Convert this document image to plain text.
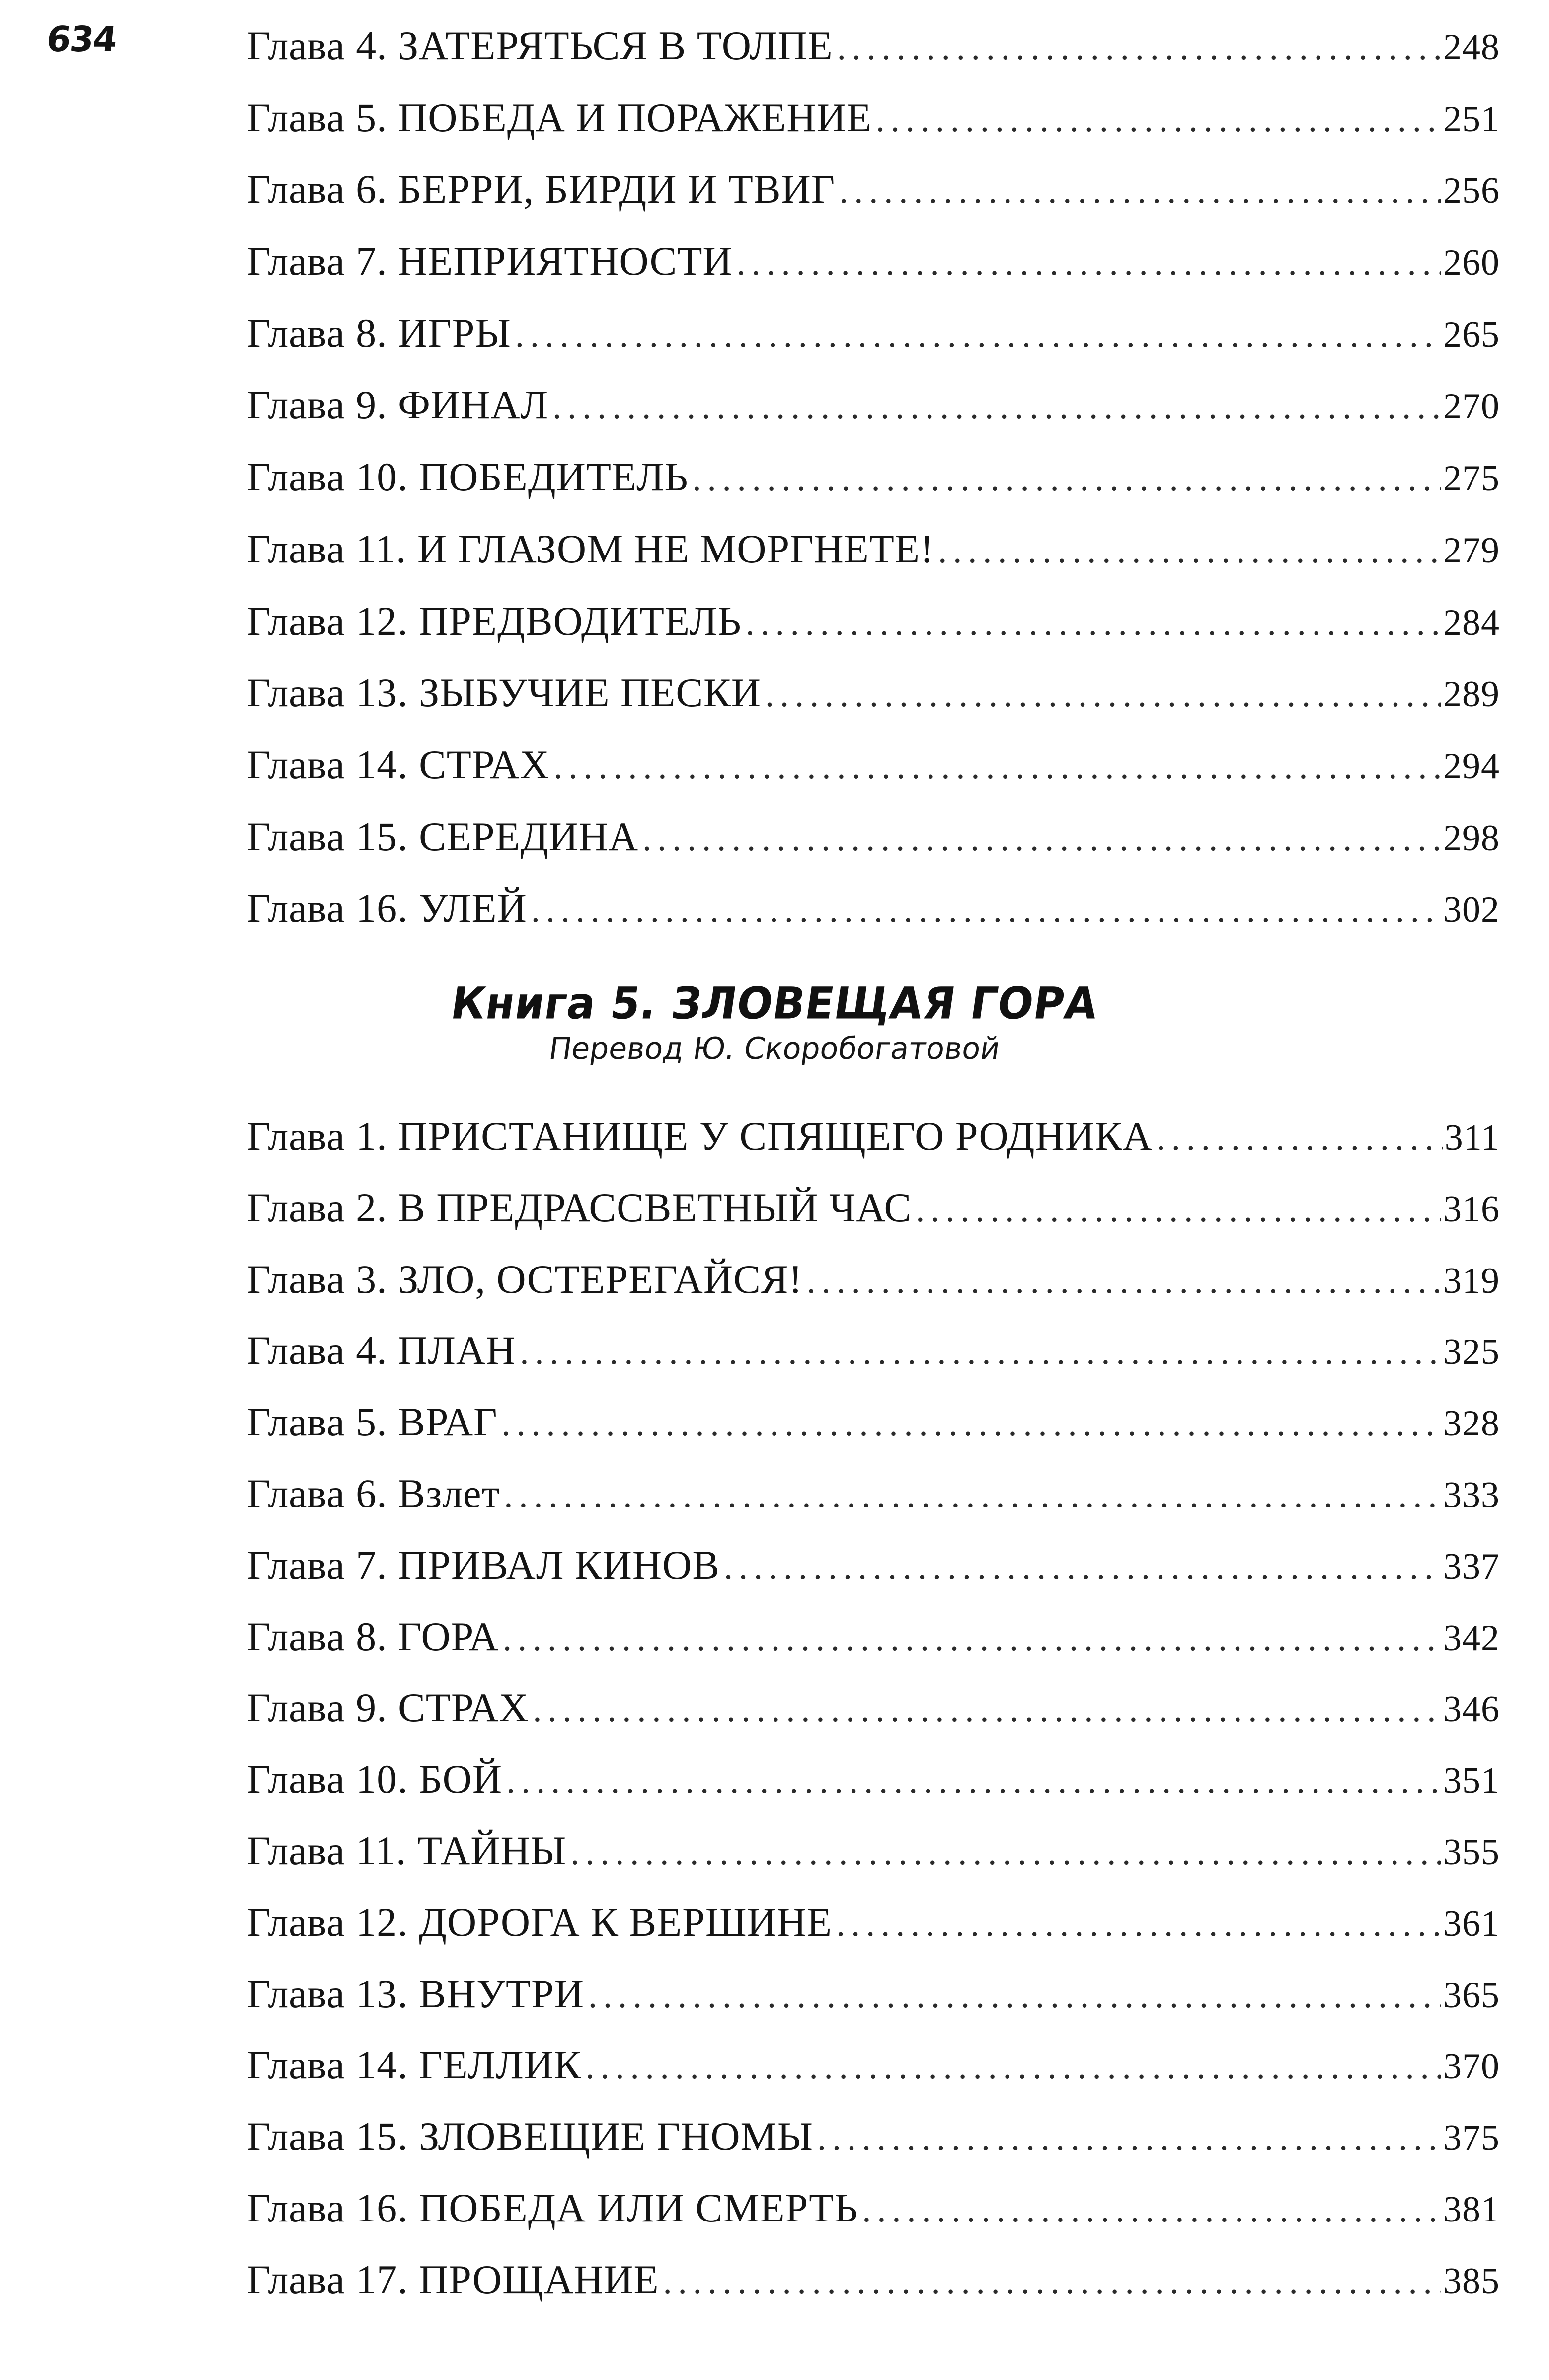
634	Глава 4. ЗАТЕРЯТЬСЯ В ТОЛПЕ .....	248
Глава 5. ПОБЕДА И ПОРАЖЕНИЕ .....	251
Глава 6. БЕРРИ, БИРДИ И ТВИГ .....	256
Глава 7. НЕПРИЯТНОСТИ .....	260
Глава 8. ИГРЫ .....	265
Глава 9. ФИНАЛ .....	270
Глава 10. ПОБЕДИТЕЛЬ .....	275
Глава 11. И ГЛАЗОМ НЕ МОРГНЕТЕ! .....	279
Глава 12. ПРЕДВОДИТЕЛЬ .....	284
Глава 13. ЗЫБУЧИЕ ПЕСКИ .....	289
Глава 14. СТРАХ .....	294
Глава 15. СЕРЕДИНА .....	298
Глава 16. УЛЕЙ .....	302
Книга 5. ЗЛОВЕЩАЯ ГОРА
Перевод Ю. Скоробогатовой
Глава 1. ПРИСТАНИЩЕ У СПЯЩЕГО РОДНИКА .....	311
Глава 2. В ПРЕДРАССВЕТНЫЙ ЧАС .....	316
Глава 3. ЗЛО, ОСТЕРЕГАЙСЯ! .....	319
Глава 4. ПЛАН .....	325
Глава 5. ВРАГ .....	328
Глава 6. Взлет .....	333
Глава 7. ПРИВАЛ КИНОВ .....	337
Глава 8. ГОРА .....	342
Глава 9. СТРАХ .....	346
Глава 10. БОЙ .....	351
Глава 11. ТАЙНЫ .....	355
Глава 12. ДОРОГА К ВЕРШИНЕ .....	361
Глава 13. ВНУТРИ .....	365
Глава 14. ГЕЛЛИК .....	370
Глава 15. ЗЛОВЕЩИЕ ГНОМЫ .....	375
Глава 16. ПОБЕДА ИЛИ СМЕРТЬ .....	381
Глава 17. ПРОЩАНИЕ .....	385
